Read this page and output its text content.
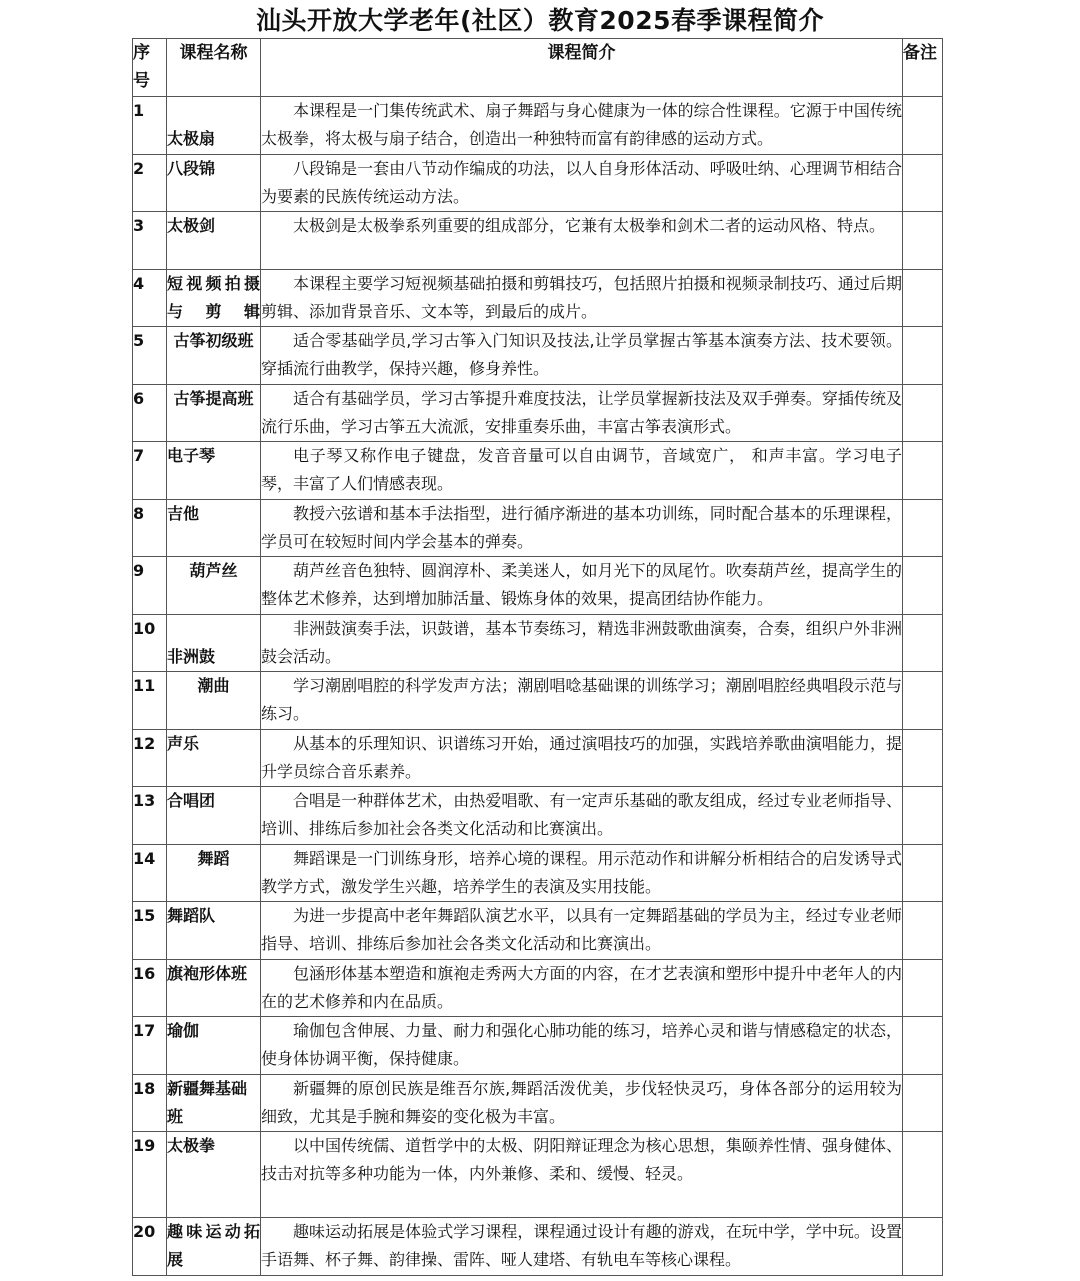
汕头开放大学老年(社区）教育2025春季课程简介
序号	课程名称	课程简介	备注
1	太极扇	本课程是一门集传统武术、扇子舞蹈与身心健康为一体的综合性课程。它源于中国传统太极拳，将太极与扇子结合，创造出一种独特而富有韵律感的运动方式。	
2	八段锦	八段锦是一套由八节动作编成的功法，以人自身形体活动、呼吸吐纳、心理调节相结合为要素的民族传统运动方法。	
3	太极剑	太极剑是太极拳系列重要的组成部分，它兼有太极拳和剑术二者的运动风格、特点。	
4	短视频拍摄与剪辑	本课程主要学习短视频基础拍摄和剪辑技巧，包括照片拍摄和视频录制技巧、通过后期剪辑、添加背景音乐、文本等，到最后的成片。	
5	古筝初级班	适合零基础学员,学习古筝入门知识及技法,让学员掌握古筝基本演奏方法、技术要领。穿插流行曲教学，保持兴趣，修身养性。	
6	古筝提高班	适合有基础学员，学习古筝提升难度技法，让学员掌握新技法及双手弹奏。穿插传统及流行乐曲，学习古筝五大流派，安排重奏乐曲，丰富古筝表演形式。	
7	电子琴	电子琴又称作电子键盘，发音音量可以自由调节，音域宽广， 和声丰富。学习电子琴，丰富了人们情感表现。	
8	吉他	教授六弦谱和基本手法指型，进行循序渐进的基本功训练，同时配合基本的乐理课程，学员可在较短时间内学会基本的弹奏。	
9	葫芦丝	葫芦丝音色独特、圆润淳朴、柔美迷人，如月光下的凤尾竹。吹奏葫芦丝，提高学生的整体艺术修养，达到增加肺活量、锻炼身体的效果，提高团结协作能力。	
10	非洲鼓	非洲鼓演奏手法，识鼓谱，基本节奏练习，精选非洲鼓歌曲演奏，合奏，组织户外非洲鼓会活动。	
11	潮曲	学习潮剧唱腔的科学发声方法；潮剧唱唸基础课的训练学习；潮剧唱腔经典唱段示范与练习。	
12	声乐	从基本的乐理知识、识谱练习开始，通过演唱技巧的加强，实践培养歌曲演唱能力，提升学员综合音乐素养。	
13	合唱团	合唱是一种群体艺术，由热爱唱歌、有一定声乐基础的歌友组成，经过专业老师指导、培训、排练后参加社会各类文化活动和比赛演出。	
14	舞蹈	舞蹈课是一门训练身形，培养心境的课程。用示范动作和讲解分析相结合的启发诱导式教学方式，激发学生兴趣，培养学生的表演及实用技能。	
15	舞蹈队	为进一步提高中老年舞蹈队演艺水平，以具有一定舞蹈基础的学员为主，经过专业老师指导、培训、排练后参加社会各类文化活动和比赛演出。	
16	旗袍形体班	包涵形体基本塑造和旗袍走秀两大方面的内容，在才艺表演和塑形中提升中老年人的内在的艺术修养和内在品质。	
17	瑜伽	瑜伽包含伸展、力量、耐力和强化心肺功能的练习，培养心灵和谐与情感稳定的状态，使身体协调平衡，保持健康。	
18	新疆舞基础班	新疆舞的原创民族是维吾尔族,舞蹈活泼优美，步伐轻快灵巧，身体各部分的运用较为细致，尤其是手腕和舞姿的变化极为丰富。	
19	太极拳	以中国传统儒、道哲学中的太极、阴阳辩证理念为核心思想，集颐养性情、强身健体、技击对抗等多种功能为一体，内外兼修、柔和、缓慢、轻灵。	
20	趣味运动拓展	趣味运动拓展是体验式学习课程，课程通过设计有趣的游戏，在玩中学，学中玩。设置手语舞、杯子舞、韵律操、雷阵、哑人建塔、有轨电车等核心课程。	
